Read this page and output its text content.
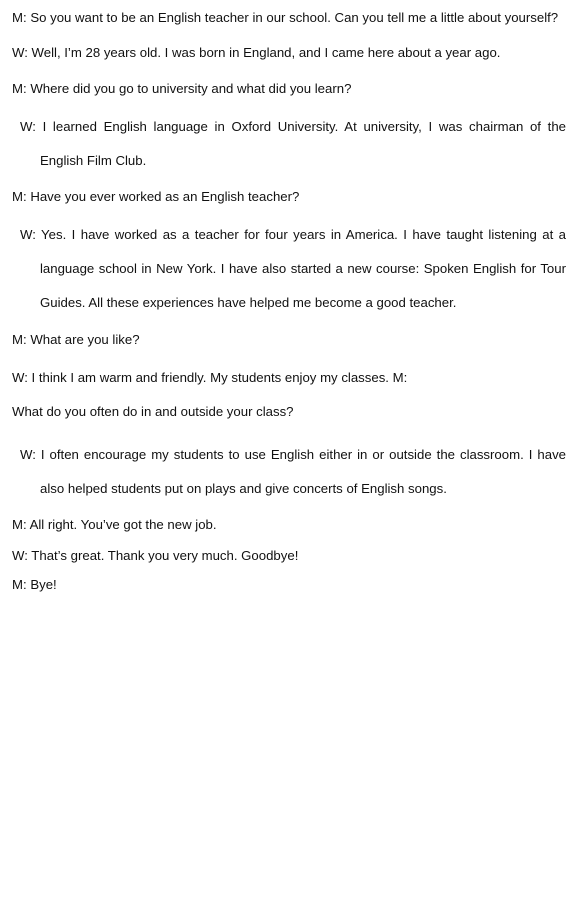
M: So you want to be an English teacher in our school. Can you tell me a little about yourself?
W: Well, I’m 28 years old. I was born in England, and I came here about a year ago.
M: Where did you go to university and what did you learn?
W: I learned English language in Oxford University. At university, I was chairman of the English Film Club.
M: Have you ever worked as an English teacher?
W: Yes. I have worked as a teacher for four years in America. I have taught listening at a language school in New York. I have also started a new course: Spoken English for Tour Guides. All these experiences have helped me become a good teacher.
M: What are you like?
W: I think I am warm and friendly. My students enjoy my classes. M:
What do you often do in and outside your class?
W: I often encourage my students to use English either in or outside the classroom. I have also helped students put on plays and give concerts of English songs.
M: All right. You’ve got the new job.
W: That’s great. Thank you very much. Goodbye!
M: Bye!
